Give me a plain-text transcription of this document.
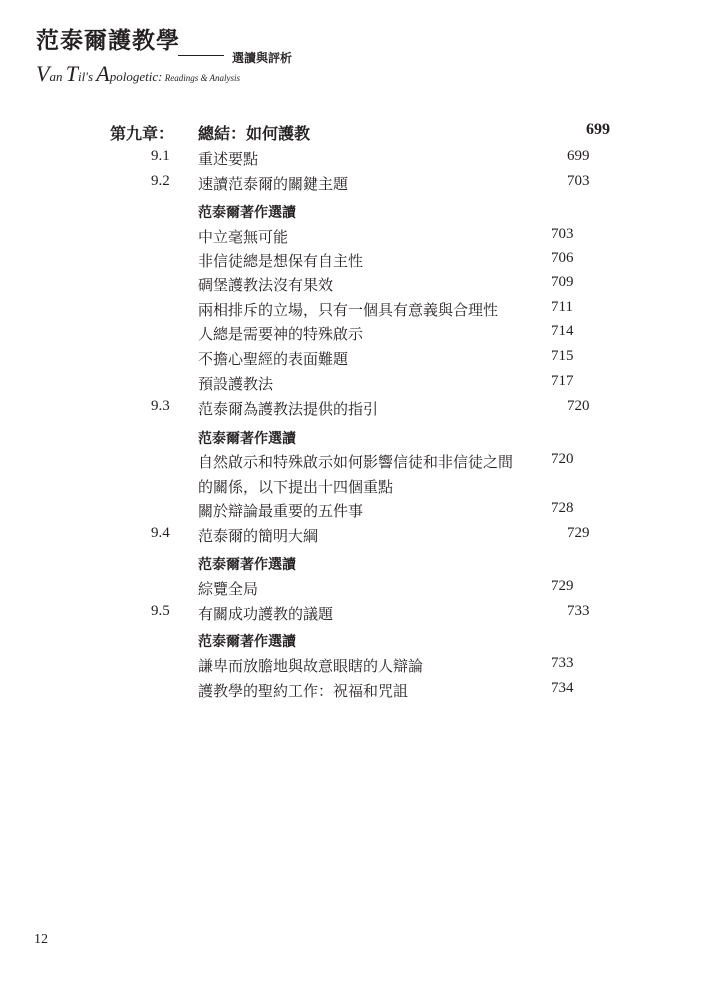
范泰爾護教學
選讀與評析
Van Til's Apologetic: Readings & Analysis
第九章： 總結：如何護教	699
9.1 重述要點	699
9.2 速讀范泰爾的關鍵主題	703
范泰爾著作選讀
中立毫無可能	703
非信徒總是想保有自主性	706
碉堡護教法沒有果效	709
兩相排斥的立場，只有一個具有意義與合理性	711
人總是需要神的特殊啟示	714
不擔心聖經的表面難題	715
預設護教法	717
9.3 范泰爾為護教法提供的指引	720
范泰爾著作選讀
自然啟示和特殊啟示如何影響信徒和非信徒之間	720
的關係，以下提出十四個重點
關於辯論最重要的五件事	728
9.4 范泰爾的簡明大綱	729
范泰爾著作選讀
綜覽全局	729
9.5 有關成功護教的議題	733
范泰爾著作選讀
謙卑而放膽地與故意眼瞎的人辯論	733
護教學的聖約工作：祝福和咒詛	734
12
